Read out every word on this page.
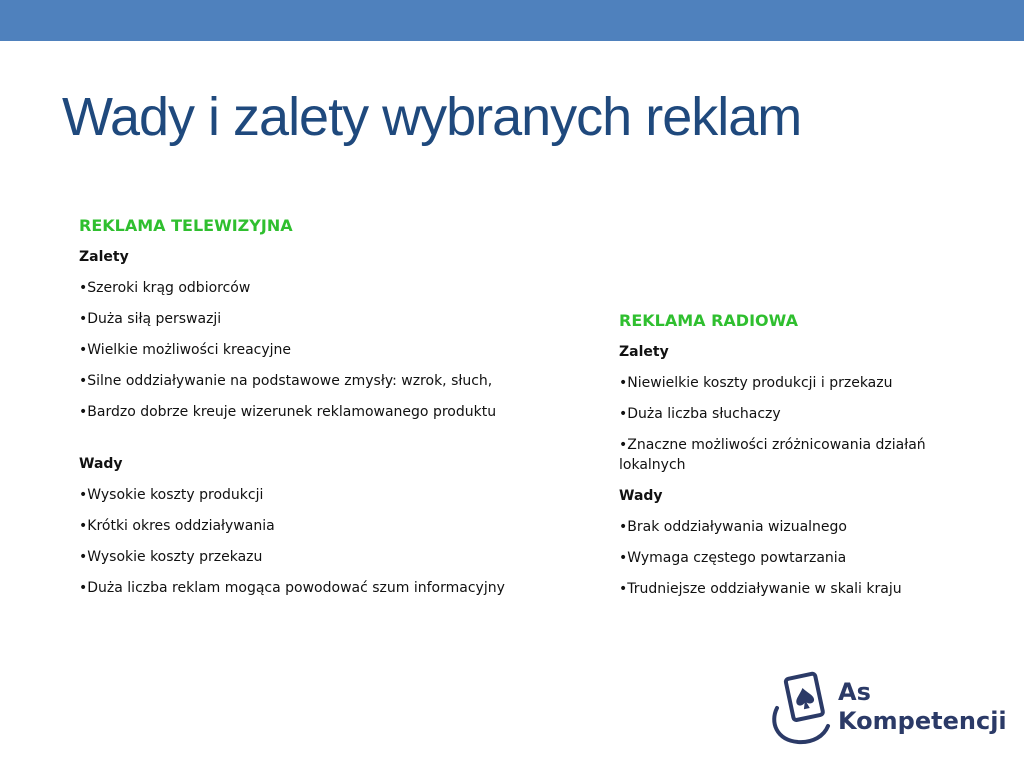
Wady i zalety wybranych reklam
REKLAMA TELEWIZYJNA
Zalety
• Szeroki krąg odbiorców
• Duża siłą perswazji
• Wielkie możliwości kreacyjne
• Silne oddziaływanie na podstawowe zmysły: wzrok, słuch,
• Bardzo dobrze kreuje wizerunek reklamowanego produktu
Wady
• Wysokie koszty produkcji
• Krótki okres oddziaływania
• Wysokie koszty przekazu
• Duża liczba reklam mogąca powodować szum informacyjny
REKLAMA RADIOWA
Zalety
• Niewielkie koszty produkcji i przekazu
• Duża liczba słuchaczy
• Znaczne możliwości zróżnicowania działań lokalnych
Wady
• Brak oddziaływania wizualnego
• Wymaga częstego powtarzania
• Trudniejsze oddziaływanie w skali kraju
As
Kompetencji
